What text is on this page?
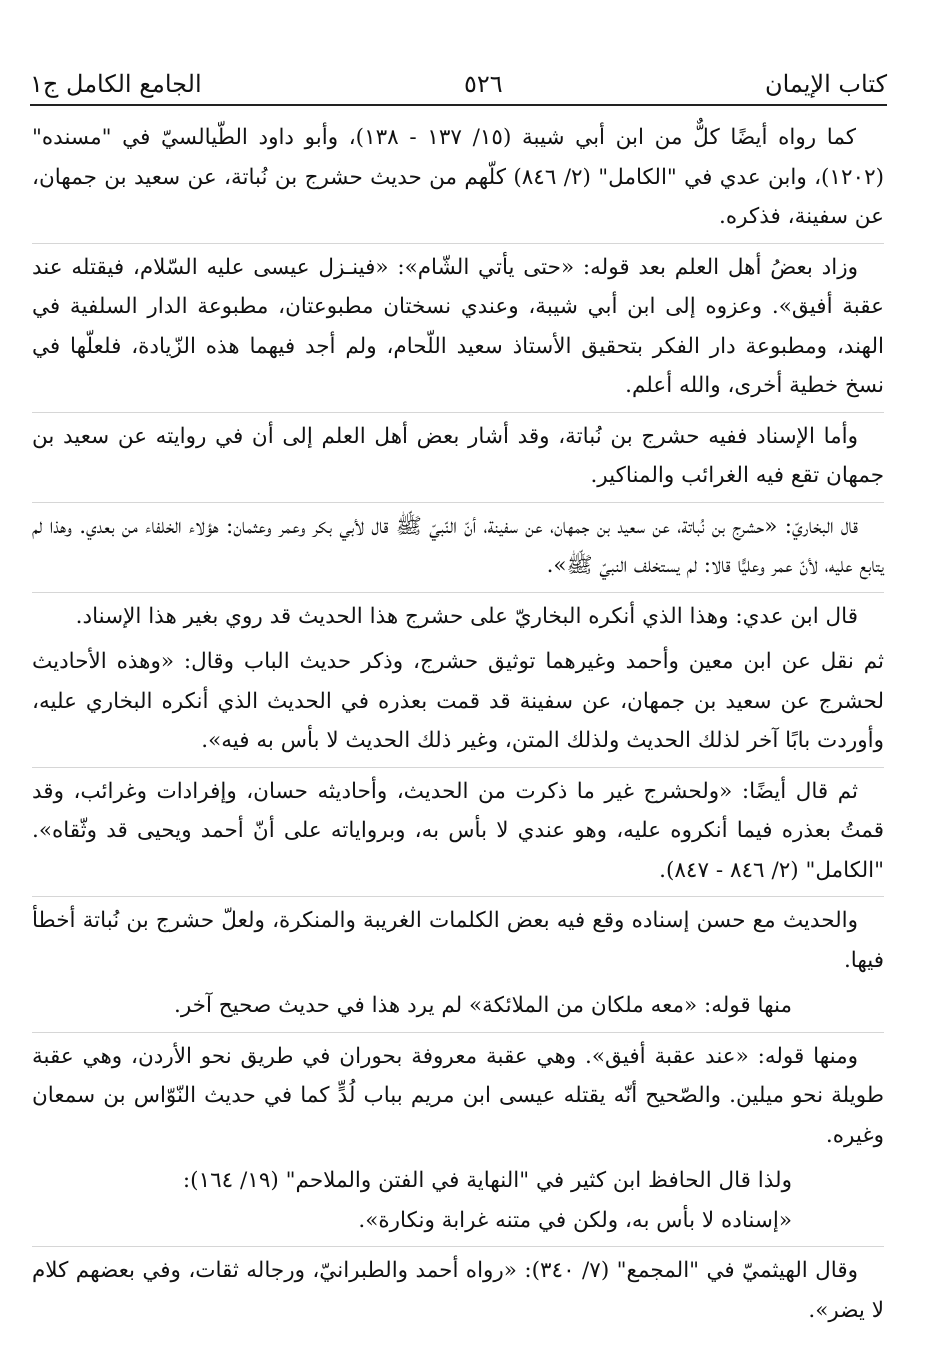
كتاب الإيمان
٥٢٦
الجامع الكامل ج١

كما رواه أيضًا كلٌّ من ابن أبي شيبة (١٥/ ١٣٧ - ١٣٨)، وأبو داود الطّيالسيّ في "مسنده" (١٢٠٢)، وابن عدي في "الكامل" (٢/ ٨٤٦) كلّهم من حديث حشرج بن نُباتة، عن سعيد بن جمهان، عن سفينة، فذكره.

وزاد بعضُ أهل العلم بعد قوله: «حتى يأتي الشّام»: «فينـزل عيسى عليه السّلام، فيقتله عند عقبة أفيق». وعزوه إلى ابن أبي شيبة، وعندي نسختان مطبوعتان، مطبوعة الدار السلفية في الهند، ومطبوعة دار الفكر بتحقيق الأستاذ سعيد اللّحام، ولم أجد فيهما هذه الزّيادة، فلعلّها في نسخ خطية أخرى، والله أعلم.

وأما الإسناد ففيه حشرج بن نُباتة، وقد أشار بعض أهل العلم إلى أن في روايته عن سعيد بن جمهان تقع فيه الغرائب والمناكير.

قال البخاريّ: «حشرج بن نُباتة، عن سعيد بن جمهان، عن سفينة، أنّ النّبيّ ﷺ قال لأبي بكر وعمر وعثمان: هؤلاء الخلفاء من بعدي. وهذا لم يتابع عليه، لأنّ عمر وعليًّا قالا: لم يستخلف النبيّ ﷺ».

قال ابن عدي: وهذا الذي أنكره البخاريّ على حشرج هذا الحديث قد روي بغير هذا الإسناد.

ثم نقل عن ابن معين وأحمد وغيرهما توثيق حشرج، وذكر حديث الباب وقال: «وهذه الأحاديث لحشرج عن سعيد بن جمهان، عن سفينة قد قمت بعذره في الحديث الذي أنكره البخاري عليه، وأوردت بابًا آخر لذلك الحديث ولذلك المتن، وغير ذلك الحديث لا بأس به فيه».

ثم قال أيضًا: «ولحشرج غير ما ذكرت من الحديث، وأحاديثه حسان، وإفرادات وغرائب، وقد قمتُ بعذره فيما أنكروه عليه، وهو عندي لا بأس به، وبرواياته على أنّ أحمد ويحيى قد وثّقاه». "الكامل" (٢/ ٨٤٦ - ٨٤٧).

والحديث مع حسن إسناده وقع فيه بعض الكلمات الغريبة والمنكرة، ولعلّ حشرج بن نُباتة أخطأ فيها.

منها قوله: «معه ملكان من الملائكة» لم يرد هذا في حديث صحيح آخر.

ومنها قوله: «عند عقبة أفيق». وهي عقبة معروفة بحوران في طريق نحو الأردن، وهي عقبة طويلة نحو ميلين. والصّحيح أنّه يقتله عيسى ابن مريم بباب لُدٍّ كما في حديث النّوّاس بن سمعان وغيره.

ولذا قال الحافظ ابن كثير في "النهاية في الفتن والملاحم" (١٩/ ١٦٤):

«إسناده لا بأس به، ولكن في متنه غرابة ونكارة».

وقال الهيثميّ في "المجمع" (٧/ ٣٤٠): «رواه أحمد والطبرانيّ، ورجاله ثقات، وفي بعضهم كلام لا يضر».
